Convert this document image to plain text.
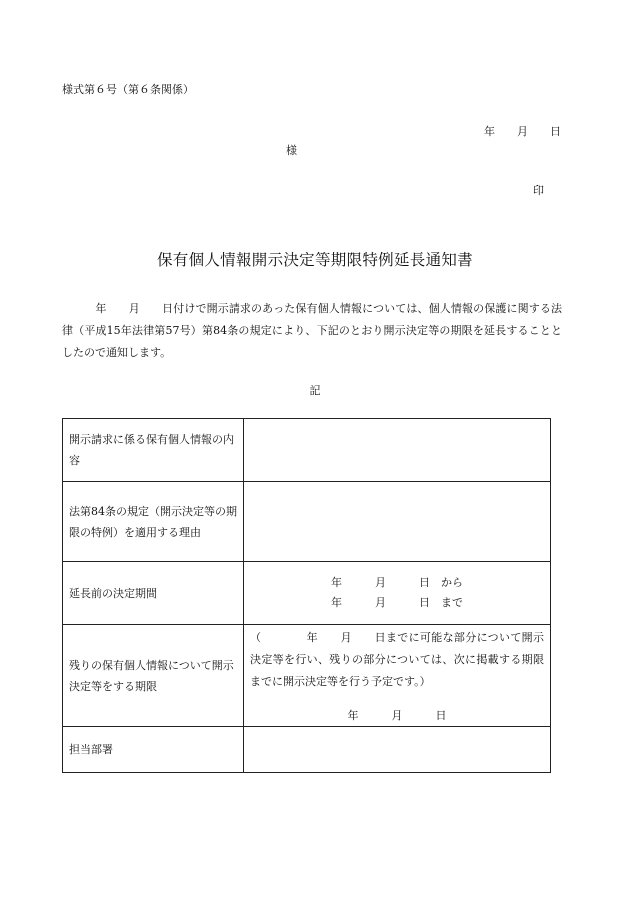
様式第６号（第６条関係）
年 月 日
様
印
保有個人情報開示決定等期限特例延長通知書
　　　年　　月　　日付けで開示請求のあった保有個人情報については、個人情報の保護に関する法律（平成15年法律第57号）第84条の規定により、下記のとおり開示決定等の期限を延長することとしたので通知します。
記
開示請求に係る保有個人情報の内容	
法第84条の規定（開示決定等の期限の特例）を適用する理由	
延長前の決定期間	年　　　月　　　日　から
年　　　月　　　日　まで

残りの保有個人情報について開示決定等をする期限	（　　　　年　　月　　日までに可能な部分について開示決定等を行い、残りの部分については、次に掲載する期限までに開示決定等を行う予定です。）
年　　　月　　　日

担当部署	
